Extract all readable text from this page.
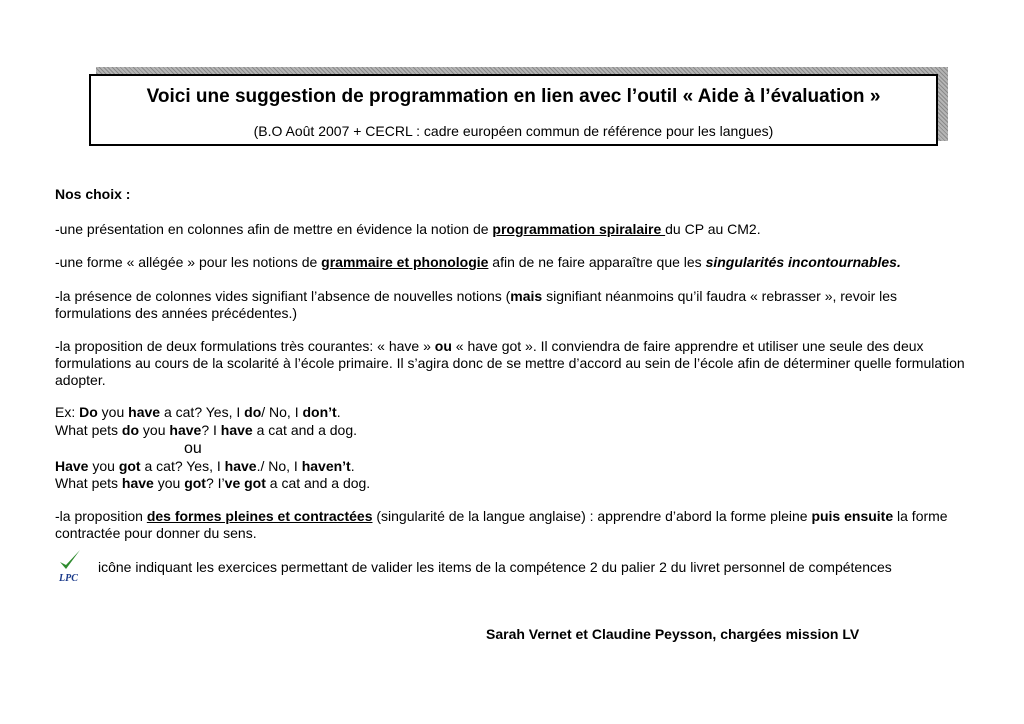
Voici une suggestion de programmation en lien avec l’outil « Aide à l’évaluation »
(B.O Août 2007 + CECRL : cadre européen commun de référence pour les langues)

Nos choix :

-une présentation en colonnes afin de mettre en évidence la notion de programmation spiralaire du CP au CM2.

-une forme « allégée » pour les notions de grammaire et phonologie afin de ne faire apparaître que les singularités incontournables.

-la présence de colonnes vides signifiant l’absence de nouvelles notions (mais signifiant néanmoins qu’il faudra « rebrasser », revoir les formulations des années précédentes.)

-la proposition de deux formulations très courantes: « have » ou « have got ». Il conviendra de faire apprendre et utiliser une seule des deux formulations au cours de la scolarité à l’école primaire. Il s’agira donc de se mettre d’accord au sein de l’école afin de déterminer quelle formulation adopter.

Ex: Do you have a cat? Yes, I do/ No, I don’t.

What pets do you have? I have a cat and a dog.

ou

Have you got a cat? Yes, I have./ No, I haven’t.

What pets have you got? I’ve got a cat and a dog.

-la proposition des formes pleines et contractées (singularité de la langue anglaise) : apprendre d’abord la forme pleine puis ensuite la forme contractée pour donner du sens.

LPC

icône indiquant les exercices permettant de valider les items de la compétence 2 du palier 2 du livret personnel de compétences

Sarah Vernet et Claudine Peysson, chargées mission LV
